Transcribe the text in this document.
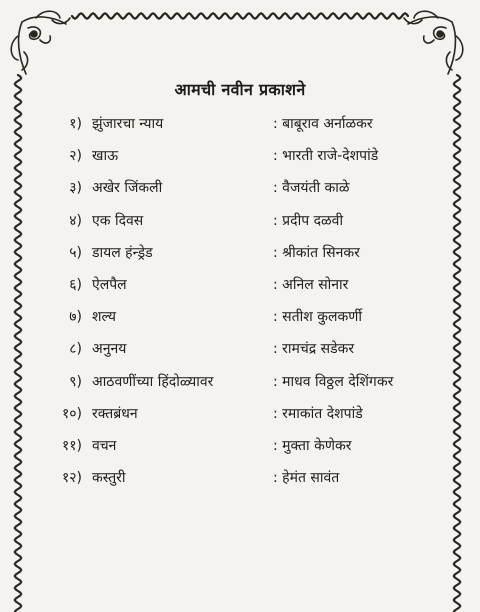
आमची नवीन प्रकाशने
१) झुंजारचा न्याय	: बाबूराव अर्नाळकर
२) खाऊ	: भारती राजे-देशपांडे
३) अखेर जिंकली	: वैजयंती काळे
४) एक दिवस	: प्रदीप दळवी
५) डायल हंन्ड्रेड	: श्रीकांत सिनकर
६) ऐलपैल	: अनिल सोनार
७) शल्य	: सतीश कुलकर्णी
८) अनुनय	: रामचंद्र सडेकर
९) आठवणींच्या हिंदोळ्यावर	: माधव विठ्ठल देशिंगकर
१०) रक्तब्रंधन	: रमाकांत देशपांडे
११) वचन	: मुक्ता केणेकर
१२) कस्तुरी	: हेमंत सावंत
